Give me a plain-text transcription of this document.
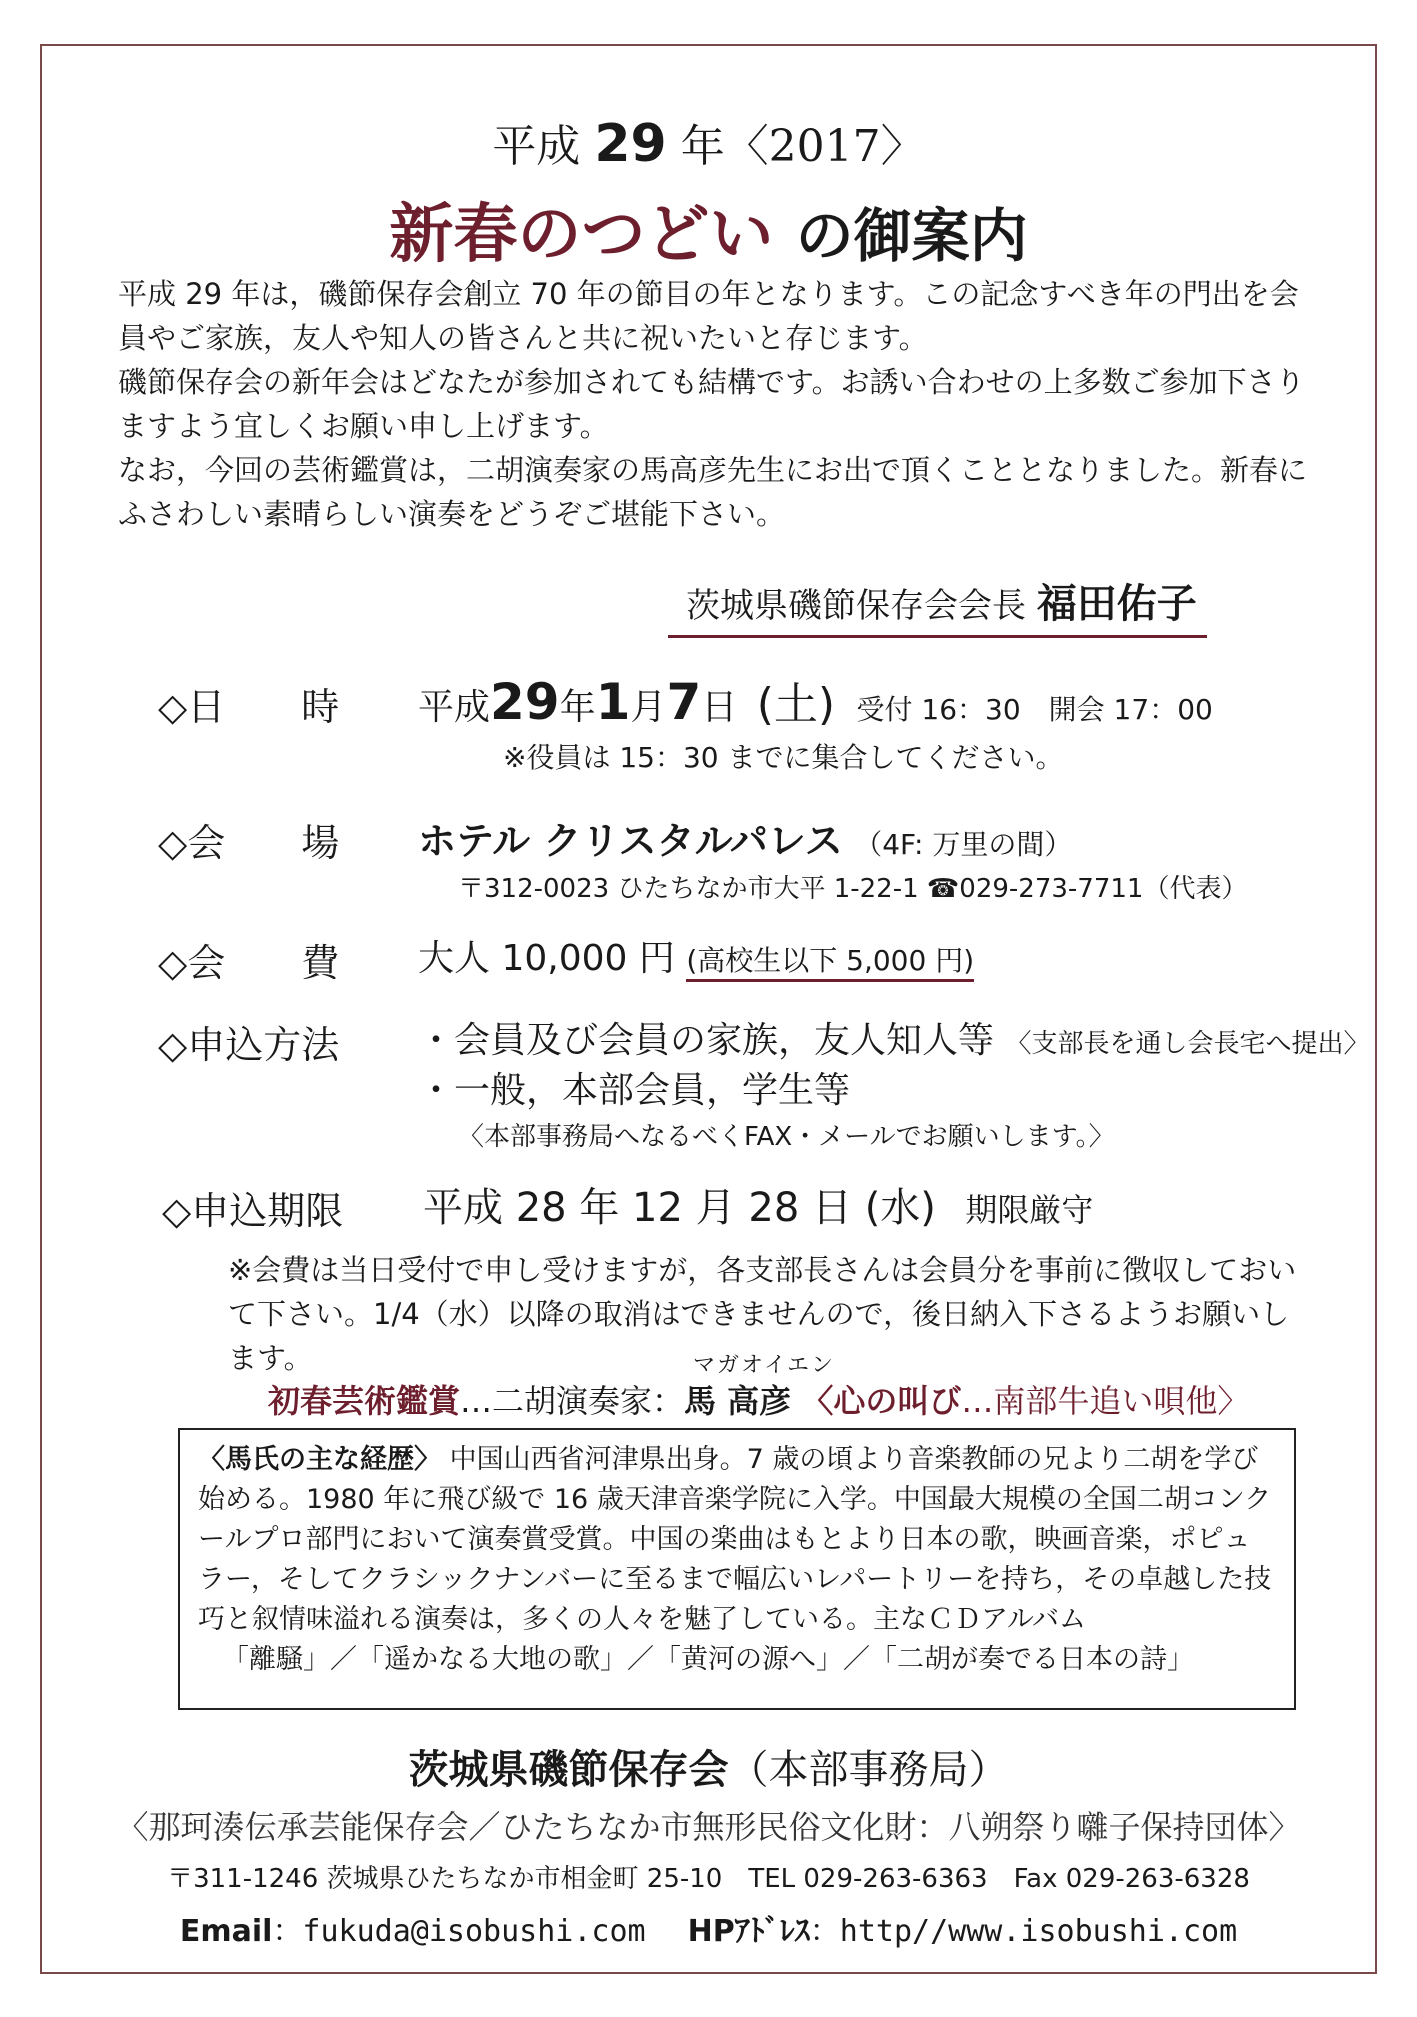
平成 29 年〈2017〉
新春のつどい の御案内

平成 29 年は，磯節保存会創立 70 年の節目の年となります。この記念すべき年の門出を会員やご家族，友人や知人の皆さんと共に祝いたいと存じます。

磯節保存会の新年会はどなたが参加されても結構です。お誘い合わせの上多数ご参加下さりますよう宜しくお願い申し上げます。

なお，今回の芸術鑑賞は，二胡演奏家の馬高彦先生にお出で頂くこととなりました。新春にふさわしい素晴らしい演奏をどうぞご堪能下さい。

茨城県磯節保存会会長 福田佑子
◇日　　時 平成29年1月7日 (土) 受付 16：30　開会 17：00
※役員は 15：30 までに集合してください。
◇会　　場 ホテル クリスタルパレス （4F: 万里の間）
〒312-0023 ひたちなか市大平 1-22-1 ☎029-273-7711（代表）
◇会　　費 大人 10,000 円 (高校生以下 5,000 円)
◇申込方法 ・会員及び会員の家族，友人知人等 〈支部長を通し会長宅へ提出〉
・一般，本部会員，学生等
〈本部事務局へなるべくFAX・メールでお願いします。〉
◇申込期限 平成 28 年 12 月 28 日 (水) 期限厳守
※会費は当日受付で申し受けますが，各支部長さんは会員分を事前に徴収しておいて下さい。1/4（水）以降の取消はできませんので，後日納入下さるようお願いします。	マガオイエン
初春芸術鑑賞…二胡演奏家：馬 高彦 〈心の叫び…南部牛追い唄他〉

〈馬氏の主な経歴〉 中国山西省河津県出身。7 歳の頃より音楽教師の兄より二胡を学び始める。1980 年に飛び級で 16 歳天津音楽学院に入学。中国最大規模の全国二胡コンクールプロ部門において演奏賞受賞。中国の楽曲はもとより日本の歌，映画音楽，ポピュラー，そしてクラシックナンバーに至るまで幅広いレパートリーを持ち，その卓越した技巧と叙情味溢れる演奏は，多くの人々を魅了している。主なＣＤアルバム

「離騒」／「遥かなる大地の歌」／「黄河の源へ」／「二胡が奏でる日本の詩」

茨城県磯節保存会（本部事務局）
〈那珂湊伝承芸能保存会／ひたちなか市無形民俗文化財：八朔祭り囃子保持団体〉
〒311-1246 茨城県ひたちなか市相金町 25-10　TEL 029-263-6363　Fax 029-263-6328
Email：fukuda@isobushi.com HPｱﾄﾞﾚｽ：http//www.isobushi.com
